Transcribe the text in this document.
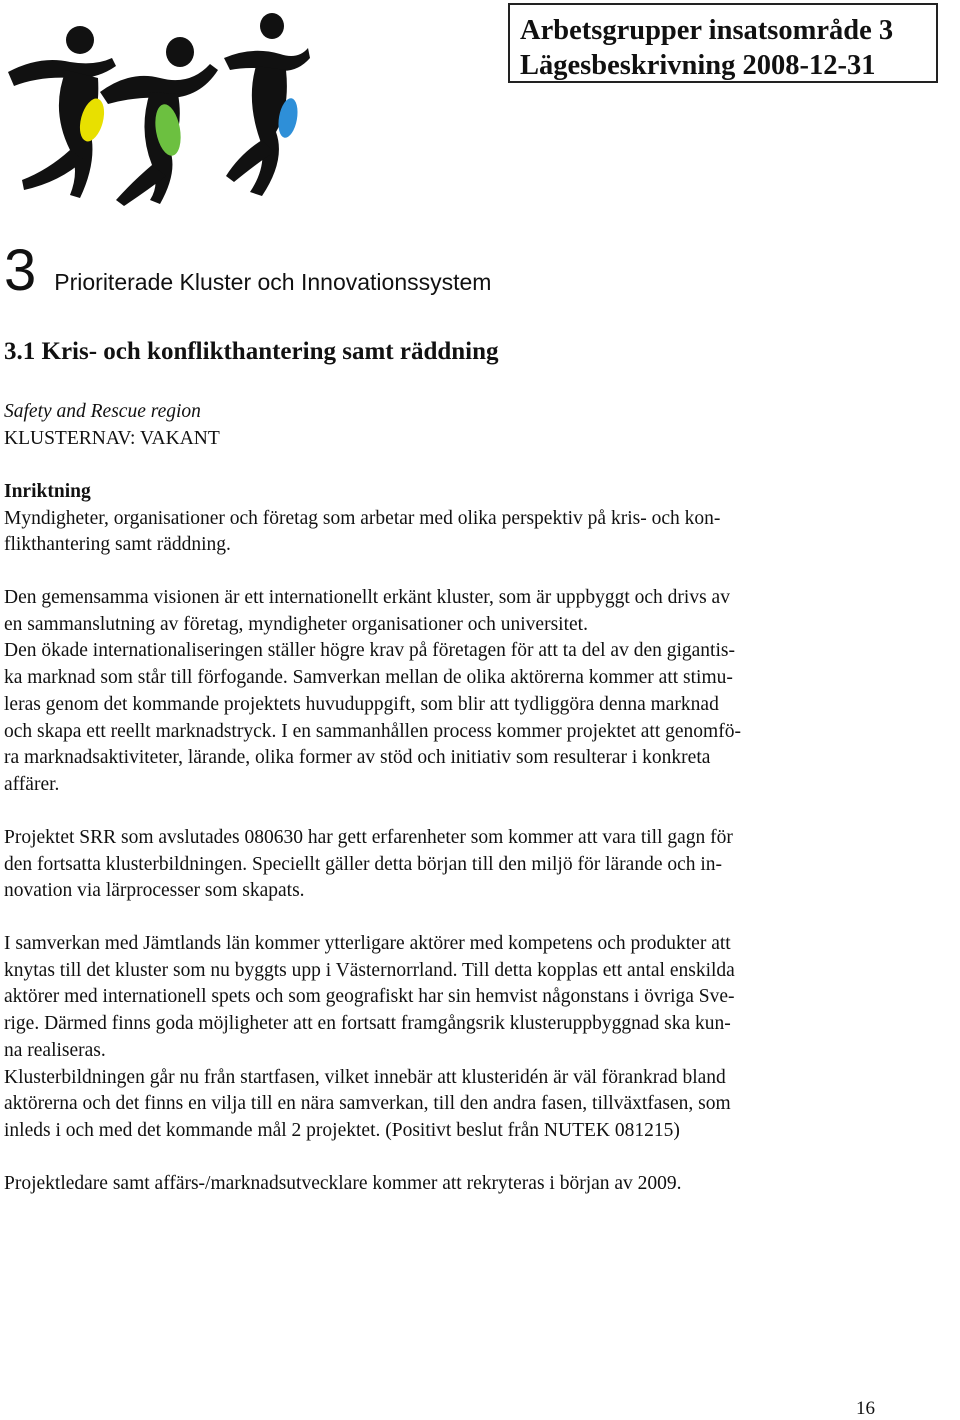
Arbetsgrupper insatsområde 3
Lägesbeskrivning 2008-12-31
3 Prioriterade Kluster och Innovationssystem
3.1 Kris- och konflikthantering samt räddning
Safety and Rescue region
KLUSTERNAV: VAKANT
Inriktning
Myndigheter, organisationer och företag som arbetar med olika perspektiv på kris- och kon-
flikthantering samt räddning.
Den gemensamma visionen är ett internationellt erkänt kluster, som är uppbyggt och drivs av
en sammanslutning av företag, myndigheter organisationer och universitet.
Den ökade internationaliseringen ställer högre krav på företagen för att ta del av den gigantis-
ka marknad som står till förfogande. Samverkan mellan de olika aktörerna kommer att stimu-
leras genom det kommande projektets huvuduppgift, som blir att tydliggöra denna marknad
och skapa ett reellt marknadstryck. I en sammanhållen process kommer projektet att genomfö-
ra marknadsaktiviteter, lärande, olika former av stöd och initiativ som resulterar i konkreta
affärer.
Projektet SRR som avslutades 080630 har gett erfarenheter som kommer att vara till gagn för
den fortsatta klusterbildningen. Speciellt gäller detta början till den miljö för lärande och in-
novation via lärprocesser som skapats.
I samverkan med Jämtlands län kommer ytterligare aktörer med kompetens och produkter att
knytas till det kluster som nu byggts upp i Västernorrland. Till detta kopplas ett antal enskilda
aktörer med internationell spets och som geografiskt har sin hemvist någonstans i övriga Sve-
rige. Därmed finns goda möjligheter att en fortsatt framgångsrik klusteruppbyggnad ska kun-
na realiseras.
Klusterbildningen går nu från startfasen, vilket innebär att klusteridén är väl förankrad bland
aktörerna och det finns en vilja till en nära samverkan, till den andra fasen, tillväxtfasen, som
inleds i och med det kommande mål 2 projektet. (Positivt beslut från NUTEK 081215)
Projektledare samt affärs-/marknadsutvecklare kommer att rekryteras i början av 2009.
16
